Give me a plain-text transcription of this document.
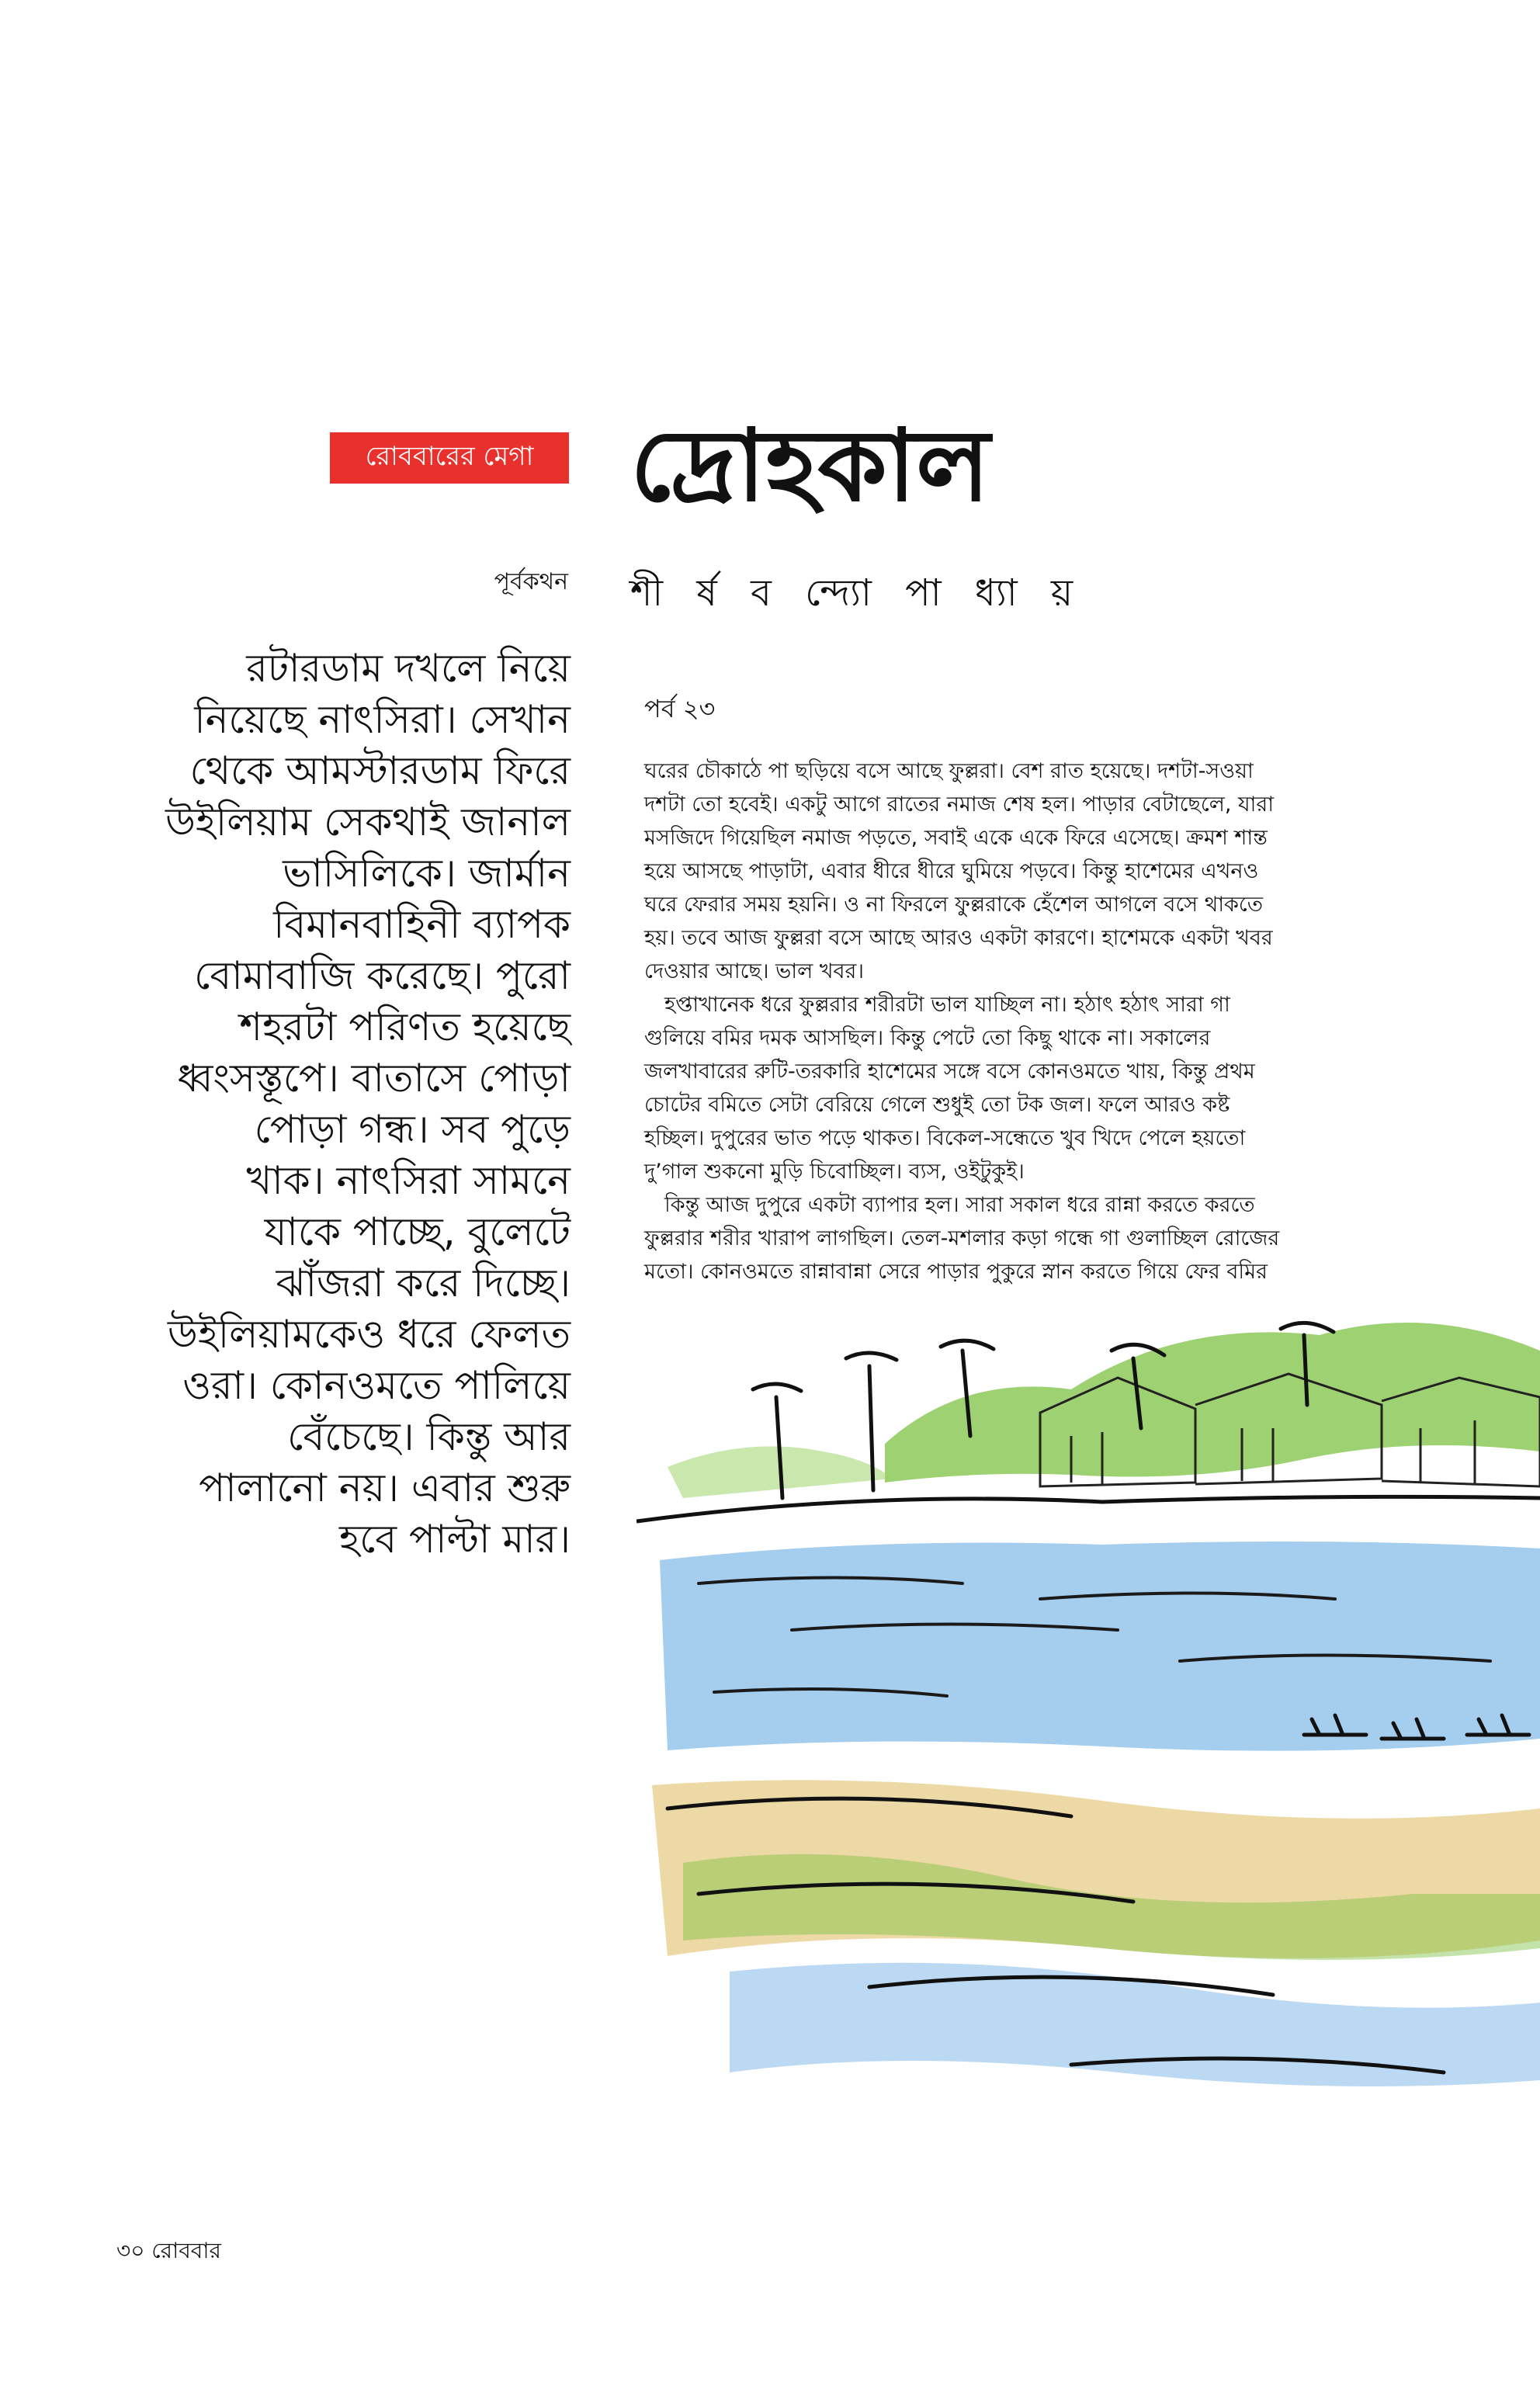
রোববারের মেগা দ্রোহকাল
পূর্বকথন শী র্ষ ব ন্দ্যো পা ধ্যা য়
রটারডাম দখলে নিয়ে
নিয়েছে নাৎসিরা। সেখান
থেকে আমস্টারডাম ফিরে
উইলিয়াম সেকথাই জানাল
ভাসিলিকে। জার্মান
বিমানবাহিনী ব্যাপক
বোমাবাজি করেছে। পুরো
শহরটা পরিণত হয়েছে
ধ্বংসস্তূপে। বাতাসে পোড়া
পোড়া গন্ধ। সব পুড়ে
খাক। নাৎসিরা সামনে
যাকে পাচ্ছে, বুলেটে
ঝাঁজরা করে দিচ্ছে।
উইলিয়ামকেও ধরে ফেলত
ওরা। কোনওমতে পালিয়ে
বেঁচেছে। কিন্তু আর
পালানো নয়। এবার শুরু
হবে পাল্টা মার।
পর্ব ২৩
ঘরের চৌকাঠে পা ছড়িয়ে বসে আছে ফুল্লরা। বেশ রাত হয়েছে। দশটা-সওয়া
দশটা তো হবেই। একটু আগে রাতের নমাজ শেষ হল। পাড়ার বেটাছেলে, যারা
মসজিদে গিয়েছিল নমাজ পড়তে, সবাই একে একে ফিরে এসেছে। ক্রমশ শান্ত
হয়ে আসছে পাড়াটা, এবার ধীরে ধীরে ঘুমিয়ে পড়বে। কিন্তু হাশেমের এখনও
ঘরে ফেরার সময় হয়নি। ও না ফিরলে ফুল্লরাকে হেঁশেল আগলে বসে থাকতে
হয়। তবে আজ ফুল্লরা বসে আছে আরও একটা কারণে। হাশেমকে একটা খবর
দেওয়ার আছে। ভাল খবর।
হপ্তাখানেক ধরে ফুল্লরার শরীরটা ভাল যাচ্ছিল না। হঠাৎ হঠাৎ সারা গা
গুলিয়ে বমির দমক আসছিল। কিন্তু পেটে তো কিছু থাকে না। সকালের
জলখাবারের রুটি-তরকারি হাশেমের সঙ্গে বসে কোনওমতে খায়, কিন্তু প্রথম
চোটের বমিতে সেটা বেরিয়ে গেলে শুধুই তো টক জল। ফলে আরও কষ্ট
হচ্ছিল। দুপুরের ভাত পড়ে থাকত। বিকেল-সন্ধেতে খুব খিদে পেলে হয়তো
দু’গাল শুকনো মুড়ি চিবোচ্ছিল। ব্যস, ওইটুকুই।
কিন্তু আজ দুপুরে একটা ব্যাপার হল। সারা সকাল ধরে রান্না করতে করতে
ফুল্লরার শরীর খারাপ লাগছিল। তেল-মশলার কড়া গন্ধে গা গুলাচ্ছিল রোজের
মতো। কোনওমতে রান্নাবান্না সেরে পাড়ার পুকুরে স্নান করতে গিয়ে ফের বমির
৩০ রোববার
